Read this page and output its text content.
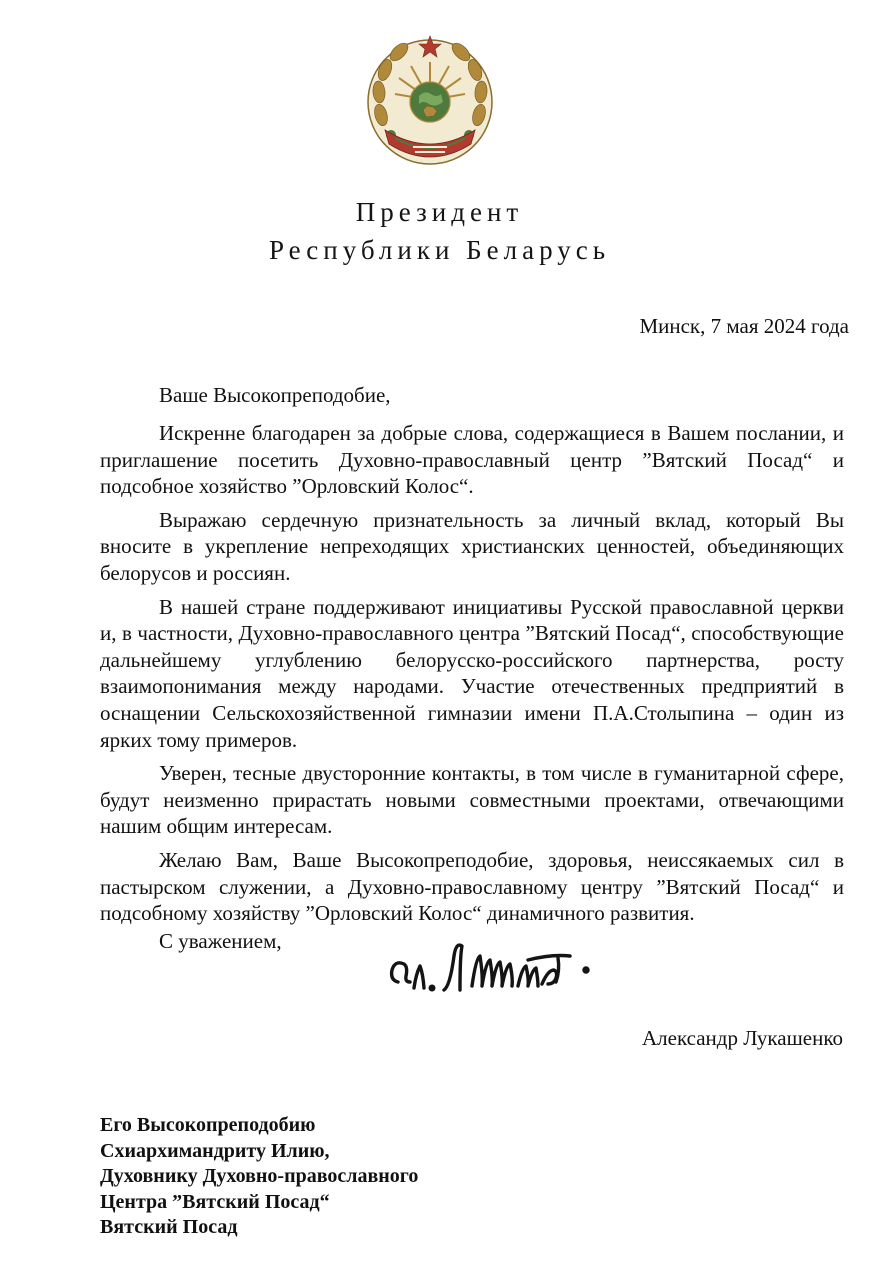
Президент
Республики Беларусь
Минск, 7 мая 2024 года
Ваше Высокопреподобие,

Искренне благодарен за добрые слова, содержащиеся в Вашем послании, и приглашение посетить Духовно-православный центр ”Вятский Посад“ и подсобное хозяйство ”Орловский Колос“.

Выражаю сердечную признательность за личный вклад, который Вы вносите в укрепление непреходящих христианских ценностей, объединяющих белорусов и россиян.

В нашей стране поддерживают инициативы Русской православной церкви и, в частности, Духовно-православного центра ”Вятский Посад“, способствующие дальнейшему углублению белорусско-российского партнерства, росту взаимопонимания между народами. Участие отечественных предприятий в оснащении Сельскохозяйственной гимназии имени П.А.Столыпина – один из ярких тому примеров.

Уверен, тесные двусторонние контакты, в том числе в гуманитарной сфере, будут неизменно прирастать новыми совместными проектами, отвечающими нашим общим интересам.

Желаю Вам, Ваше Высокопреподобие, здоровья, неиссякаемых сил в пастырском служении, а Духовно-православному центру ”Вятский Посад“ и подсобному хозяйству ”Орловский Колос“ динамичного развития.

С уважением,
Александр Лукашенко
Его Высокопреподобию
Схиархимандриту Илию,
Духовнику Духовно-православного
Центра ”Вятский Посад“
Вятский Посад
